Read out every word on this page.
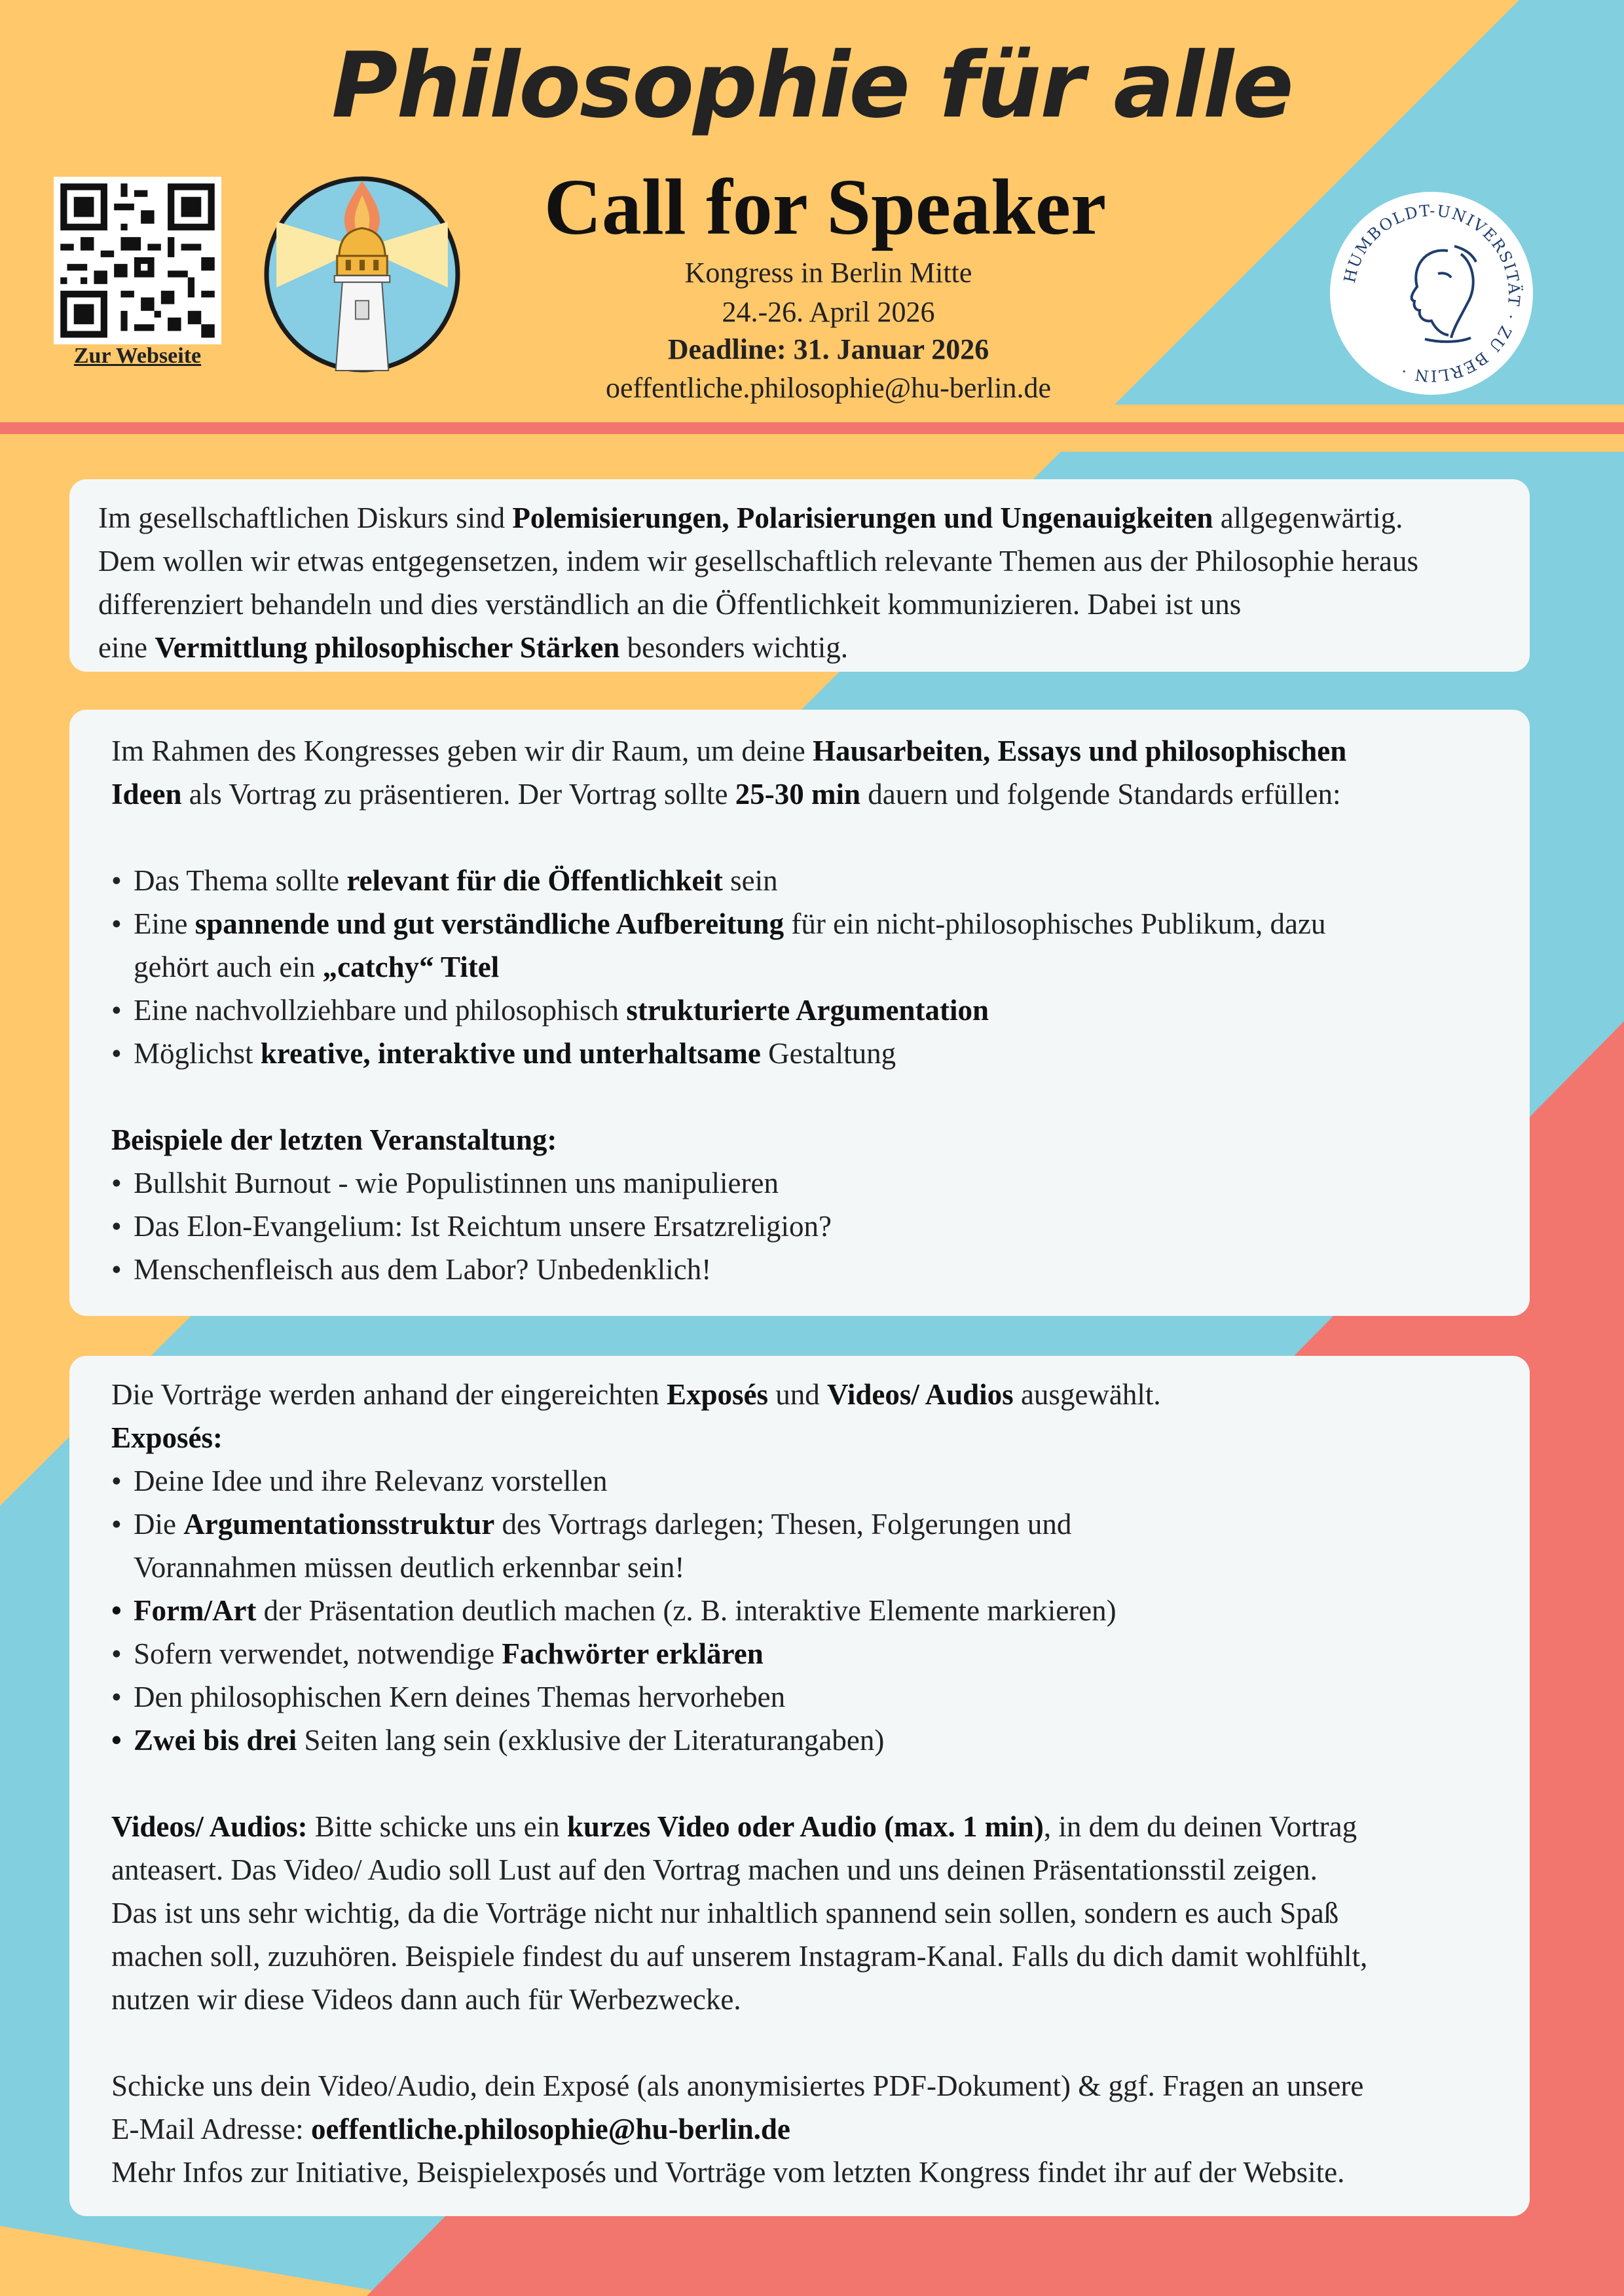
Philosophie für alle
Call for Speaker
Kongress in Berlin Mitte
24.-26. April 2026
Deadline: 31. Januar 2026
oeffentliche.philosophie@hu-berlin.de
Zur Webseite
HUMBOLDT-UNIVERSITÄT · ZU BERLIN ·

Im gesellschaftlichen Diskurs sind Polemisierungen, Polarisierungen und Ungenauigkeiten allgegenwärtig.

Dem wollen wir etwas entgegensetzen, indem wir gesellschaftlich relevante Themen aus der Philosophie heraus

differenziert behandeln und dies verständlich an die Öffentlichkeit kommunizieren. Dabei ist uns

eine Vermittlung philosophischer Stärken besonders wichtig.

Im Rahmen des Kongresses geben wir dir Raum, um deine Hausarbeiten, Essays und philosophischen

Ideen als Vortrag zu präsentieren. Der Vortrag sollte 25-30 min dauern und folgende Standards erfüllen:

• Das Thema sollte relevant für die Öffentlichkeit sein
• Eine spannende und gut verständliche Aufbereitung für ein nicht-philosophisches Publikum, dazu
gehört auch ein „catchy“ Titel
• Eine nachvollziehbare und philosophisch strukturierte Argumentation
• Möglichst kreative, interaktive und unterhaltsame Gestaltung

Beispiele der letzten Veranstaltung:

• Bullshit Burnout - wie Populistinnen uns manipulieren
• Das Elon-Evangelium: Ist Reichtum unsere Ersatzreligion?
• Menschenfleisch aus dem Labor? Unbedenklich!

Die Vorträge werden anhand der eingereichten Exposés und Videos/ Audios ausgewählt.

Exposés:

• Deine Idee und ihre Relevanz vorstellen
• Die Argumentationsstruktur des Vortrags darlegen; Thesen, Folgerungen und
Vorannahmen müssen deutlich erkennbar sein!
• Form/Art der Präsentation deutlich machen (z. B. interaktive Elemente markieren)
• Sofern verwendet, notwendige Fachwörter erklären
• Den philosophischen Kern deines Themas hervorheben
• Zwei bis drei Seiten lang sein (exklusive der Literaturangaben)

Videos/ Audios: Bitte schicke uns ein kurzes Video oder Audio (max. 1 min), in dem du deinen Vortrag

anteasert. Das Video/ Audio soll Lust auf den Vortrag machen und uns deinen Präsentationsstil zeigen.

Das ist uns sehr wichtig, da die Vorträge nicht nur inhaltlich spannend sein sollen, sondern es auch Spaß

machen soll, zuzuhören. Beispiele findest du auf unserem Instagram-Kanal. Falls du dich damit wohlfühlt,

nutzen wir diese Videos dann auch für Werbezwecke.

Schicke uns dein Video/Audio, dein Exposé (als anonymisiertes PDF-Dokument) & ggf. Fragen an unsere

E-Mail Adresse: oeffentliche.philosophie@hu-berlin.de

Mehr Infos zur Initiative, Beispielexposés und Vorträge vom letzten Kongress findet ihr auf der Website.
